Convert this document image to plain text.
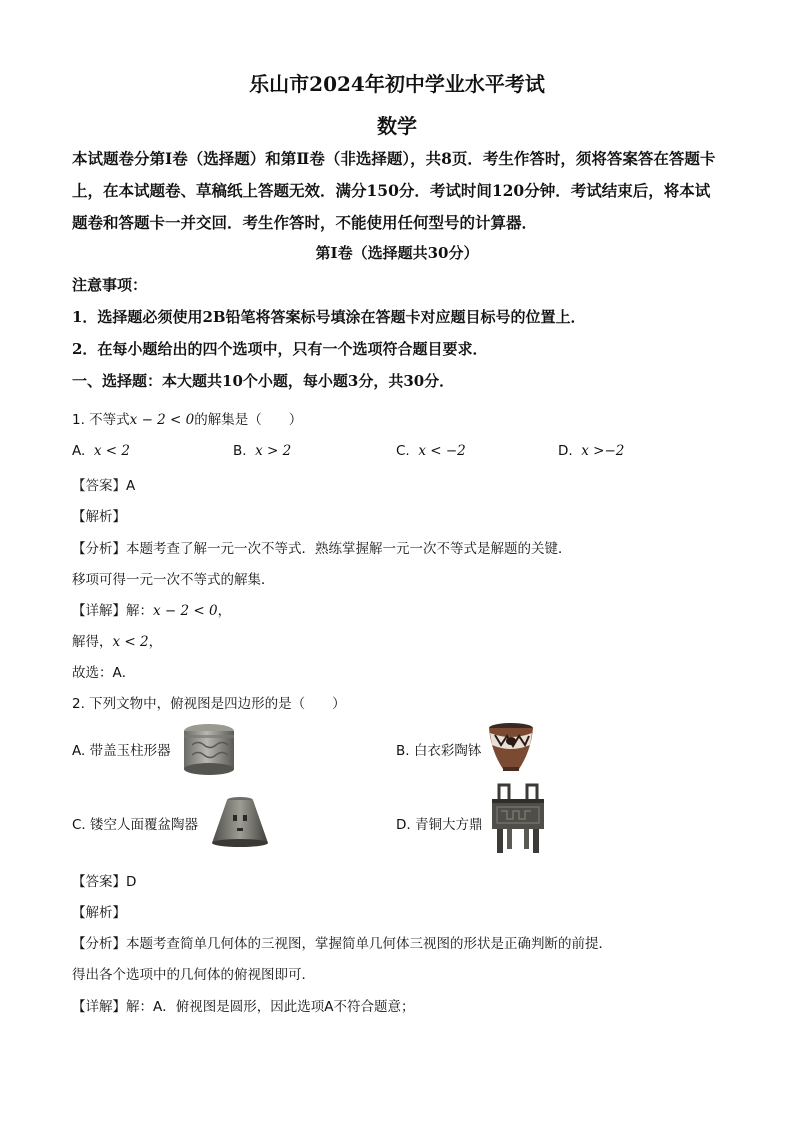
乐山市2024年初中学业水平考试
数学
本试题卷分第Ⅰ卷（选择题）和第Ⅱ卷（非选择题），共8页．考生作答时，须将答案答在答题卡上，在本试题卷、草稿纸上答题无效．满分150分．考试时间120分钟．考试结束后，将本试题卷和答题卡一并交回．考生作答时，不能使用任何型号的计算器．
第Ⅰ卷（选择题共30分）
注意事项：
1．选择题必须使用2B铅笔将答案标号填涂在答题卡对应题目标号的位置上．
2．在每小题给出的四个选项中，只有一个选项符合题目要求．
一、选择题：本大题共10个小题，每小题3分，共30分．
1. 不等式x − 2 < 0的解集是（　　）
A. x < 2	B. x > 2	C. x < −2	D. x >−2
【答案】A
【解析】
【分析】本题考查了解一元一次不等式．熟练掌握解一元一次不等式是解题的关键．
移项可得一元一次不等式的解集．
【详解】解：x − 2 < 0，
解得，x < 2，
故选：A．
2. 下列文物中，俯视图是四边形的是（　　）
A. 带盖玉柱形器	B. 白衣彩陶钵
C. 镂空人面覆盆陶器	D. 青铜大方鼎
【答案】D
【解析】
【分析】本题考查简单几何体的三视图，掌握简单几何体三视图的形状是正确判断的前提．
得出各个选项中的几何体的俯视图即可．
【详解】解：A．俯视图是圆形，因此选项A不符合题意；
